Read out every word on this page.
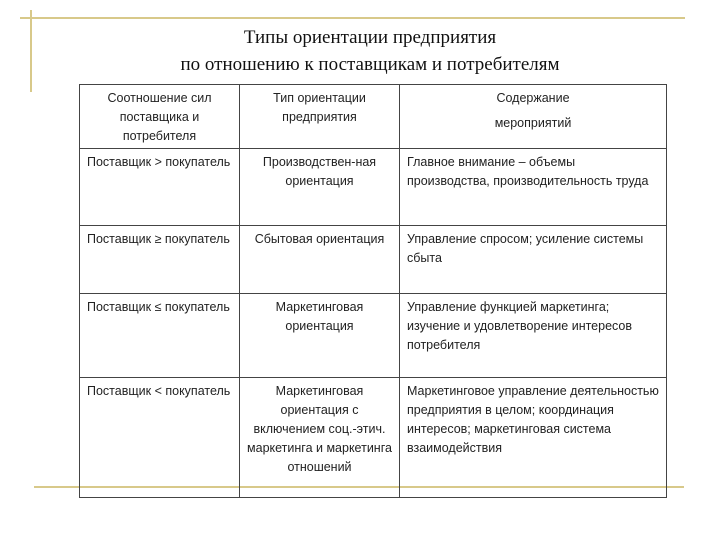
Типы ориентации предприятия
по отношению к поставщикам и потребителям
Соотношение сил поставщика и потребителя	Тип ориентации предприятия	Содержание
мероприятий

Поставщик > покупатель	Производствен-ная ориентация	Главное внимание – объемы производства, производительность труда
Поставщик ≥ покупатель	Сбытовая ориентация	Управление спросом; усиление системы сбыта
Поставщик ≤ покупатель	Маркетинговая ориентация	Управление функцией маркетинга; изучение и удовлетворение интересов потребителя
Поставщик < покупатель	Маркетинговая ориентация с включением соц.-этич. маркетинга и маркетинга отношений	Маркетинговое управление деятельностью предприятия в целом; координация интересов; маркетинговая система взаимодействия
